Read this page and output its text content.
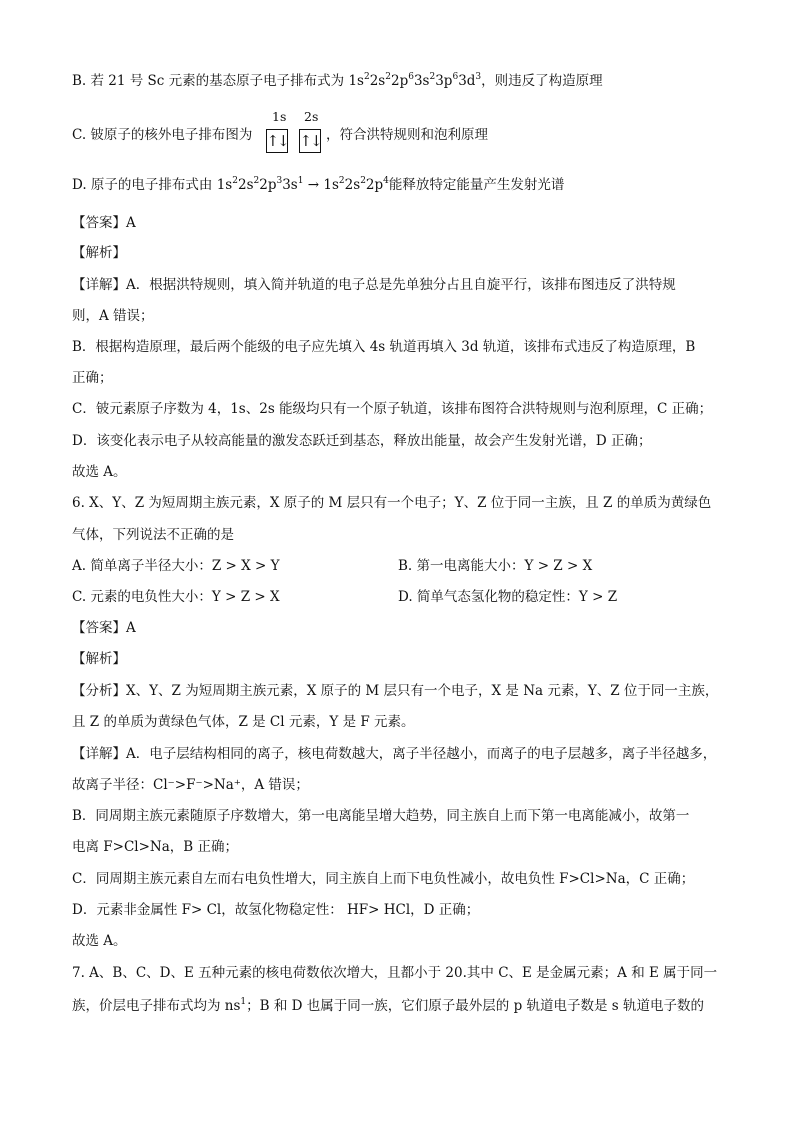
B. 若 21 号 Sc 元素的基态原子电子排布式为 $1s^22s^22p^63s^23p^63d^3$，则违反了构造原理
C. 铍原子的核外电子排布图为
1s 2s
↑↓ ↑↓ ，符合洪特规则和泡利原理
D. 原子的电子排布式由 $1s^22s^22p^33s^1 \to 1s^22s^22p^4$能释放特定能量产生发射光谱
【答案】A
【解析】
【详解】A．根据洪特规则，填入简并轨道的电子总是先单独分占且自旋平行，该排布图违反了洪特规
则，A 错误；
B．根据构造原理，最后两个能级的电子应先填入 4s 轨道再填入 3d 轨道，该排布式违反了构造原理，B
正确；
C．铍元素原子序数为 4，1s、2s 能级均只有一个原子轨道，该排布图符合洪特规则与泡利原理，C 正确；
D．该变化表示电子从较高能量的激发态跃迁到基态，释放出能量，故会产生发射光谱，D 正确；
故选 A。
6. X、Y、Z 为短周期主族元素，X 原子的 M 层只有一个电子；Y、Z 位于同一主族，且 Z 的单质为黄绿色
气体，下列说法不正确的是
A. 简单离子半径大小：Z > X > Y	B. 第一电离能大小：Y > Z > X
C. 元素的电负性大小：Y > Z > X	D. 简单气态氢化物的稳定性：Y > Z
【答案】A
【解析】
【分析】X、Y、Z 为短周期主族元素，X 原子的 M 层只有一个电子，X 是 Na 元素，Y、Z 位于同一主族，
且 Z 的单质为黄绿色气体，Z 是 Cl 元素，Y 是 F 元素。
【详解】A．电子层结构相同的离子，核电荷数越大，离子半径越小，而离子的电子层越多，离子半径越多，
故离子半径：Cl⁻>F⁻>Na⁺，A 错误；
B．同周期主族元素随原子序数增大，第一电离能呈增大趋势，同主族自上而下第一电离能减小，故第一
电离 F>Cl>Na，B 正确；
C．同周期主族元素自左而右电负性增大，同主族自上而下电负性减小，故电负性 F>Cl>Na，C 正确；
D．元素非金属性 F> Cl，故氢化物稳定性： HF> HCl，D 正确；
故选 A。
7. A、B、C、D、E 五种元素的核电荷数依次增大，且都小于 20.其中 C、E 是金属元素；A 和 E 属于同一
族，价层电子排布式均为 $ns^1$；B 和 D 也属于同一族，它们原子最外层的 p 轨道电子数是 s 轨道电子数的
